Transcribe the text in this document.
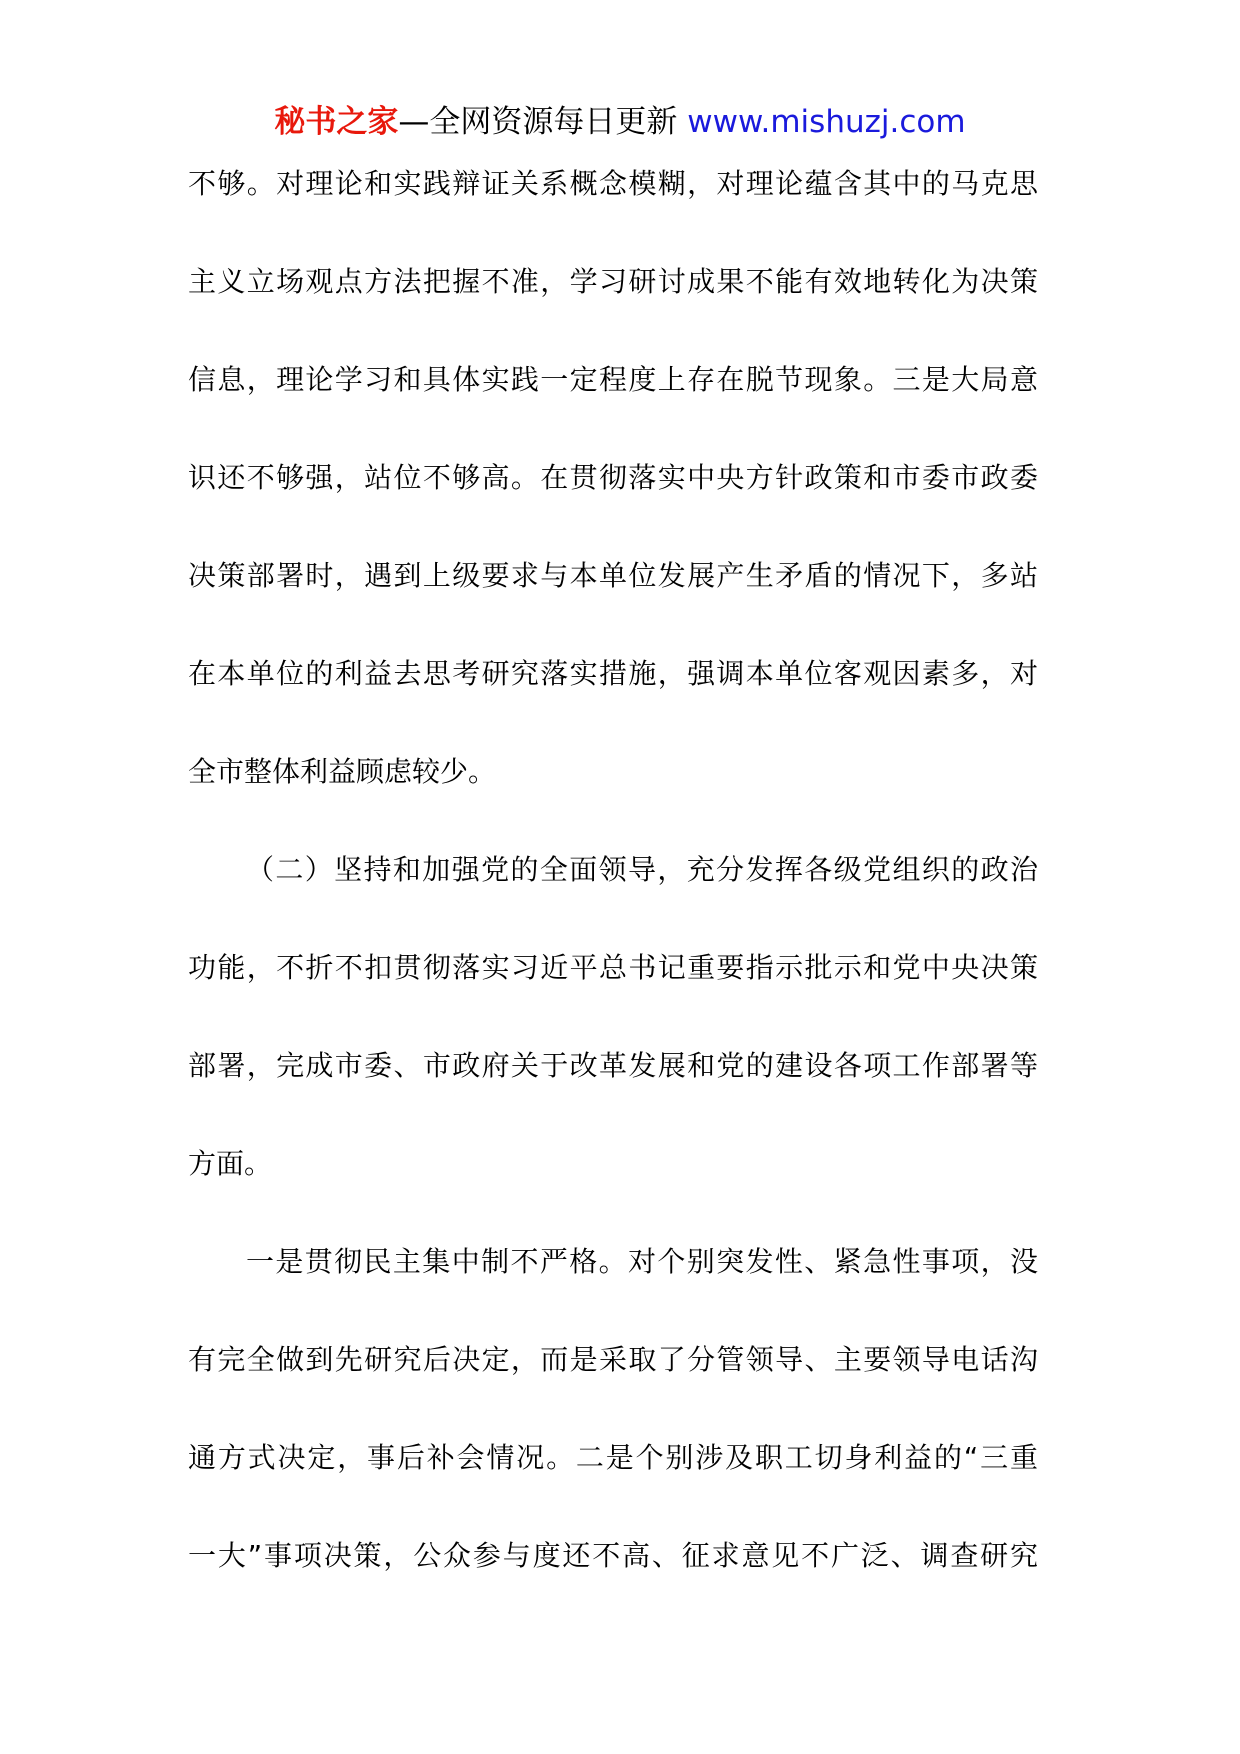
秘书之家—全网资源每日更新 www.mishuzj.com
不够。对理论和实践辩证关系概念模糊，对理论蕴含其中的马克思
主义立场观点方法把握不准，学习研讨成果不能有效地转化为决策
信息，理论学习和具体实践一定程度上存在脱节现象。三是大局意
识还不够强，站位不够高。在贯彻落实中央方针政策和市委市政委
决策部署时，遇到上级要求与本单位发展产生矛盾的情况下，多站
在本单位的利益去思考研究落实措施，强调本单位客观因素多，对
全市整体利益顾虑较少。
（二）坚持和加强党的全面领导，充分发挥各级党组织的政治
功能，不折不扣贯彻落实习近平总书记重要指示批示和党中央决策
部署，完成市委、市政府关于改革发展和党的建设各项工作部署等
方面。
一是贯彻民主集中制不严格。对个别突发性、紧急性事项，没
有完全做到先研究后决定，而是采取了分管领导、主要领导电话沟
通方式决定，事后补会情况。二是个别涉及职工切身利益的“三重
一大”事项决策，公众参与度还不高、征求意见不广泛、调查研究
